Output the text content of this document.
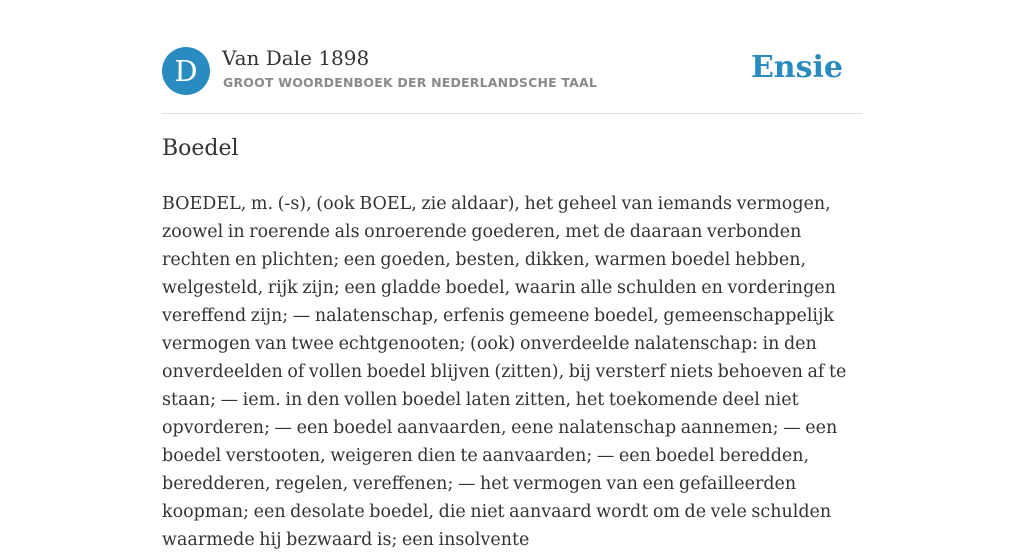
D	Van Dale 1898
GROOT WOORDENBOEK DER NEDERLANDSCHE TAAL	Ensie
Boedel

BOEDEL, m. (-s), (ook BOEL, zie aldaar), het geheel van iemands vermogen, zoowel in roerende als onroerende goederen, met de daaraan verbonden rechten en plichten; een goeden, besten, dikken, warmen boedel hebben, welgesteld, rijk zijn; een gladde boedel, waarin alle schulden en vorderingen vereffend zijn; — nalatenschap, erfenis gemeene boedel, gemeenschappelijk vermogen van twee echtgenooten; (ook) onverdeelde nalatenschap: in den onverdeelden of vollen boedel blijven (zitten), bij versterf niets behoeven af te staan; — iem. in den vollen boedel laten zitten, het toekomende deel niet opvorderen; — een boedel aanvaarden, eene nalatenschap aannemen; — een boedel verstooten, weigeren dien te aanvaarden; — een boedel beredden, beredderen, regelen, vereffenen; — het vermogen van een gefailleerden koopman; een desolate boedel, die niet aanvaard wordt om de vele schulden waarmede hij bezwaard is; een insolvente
